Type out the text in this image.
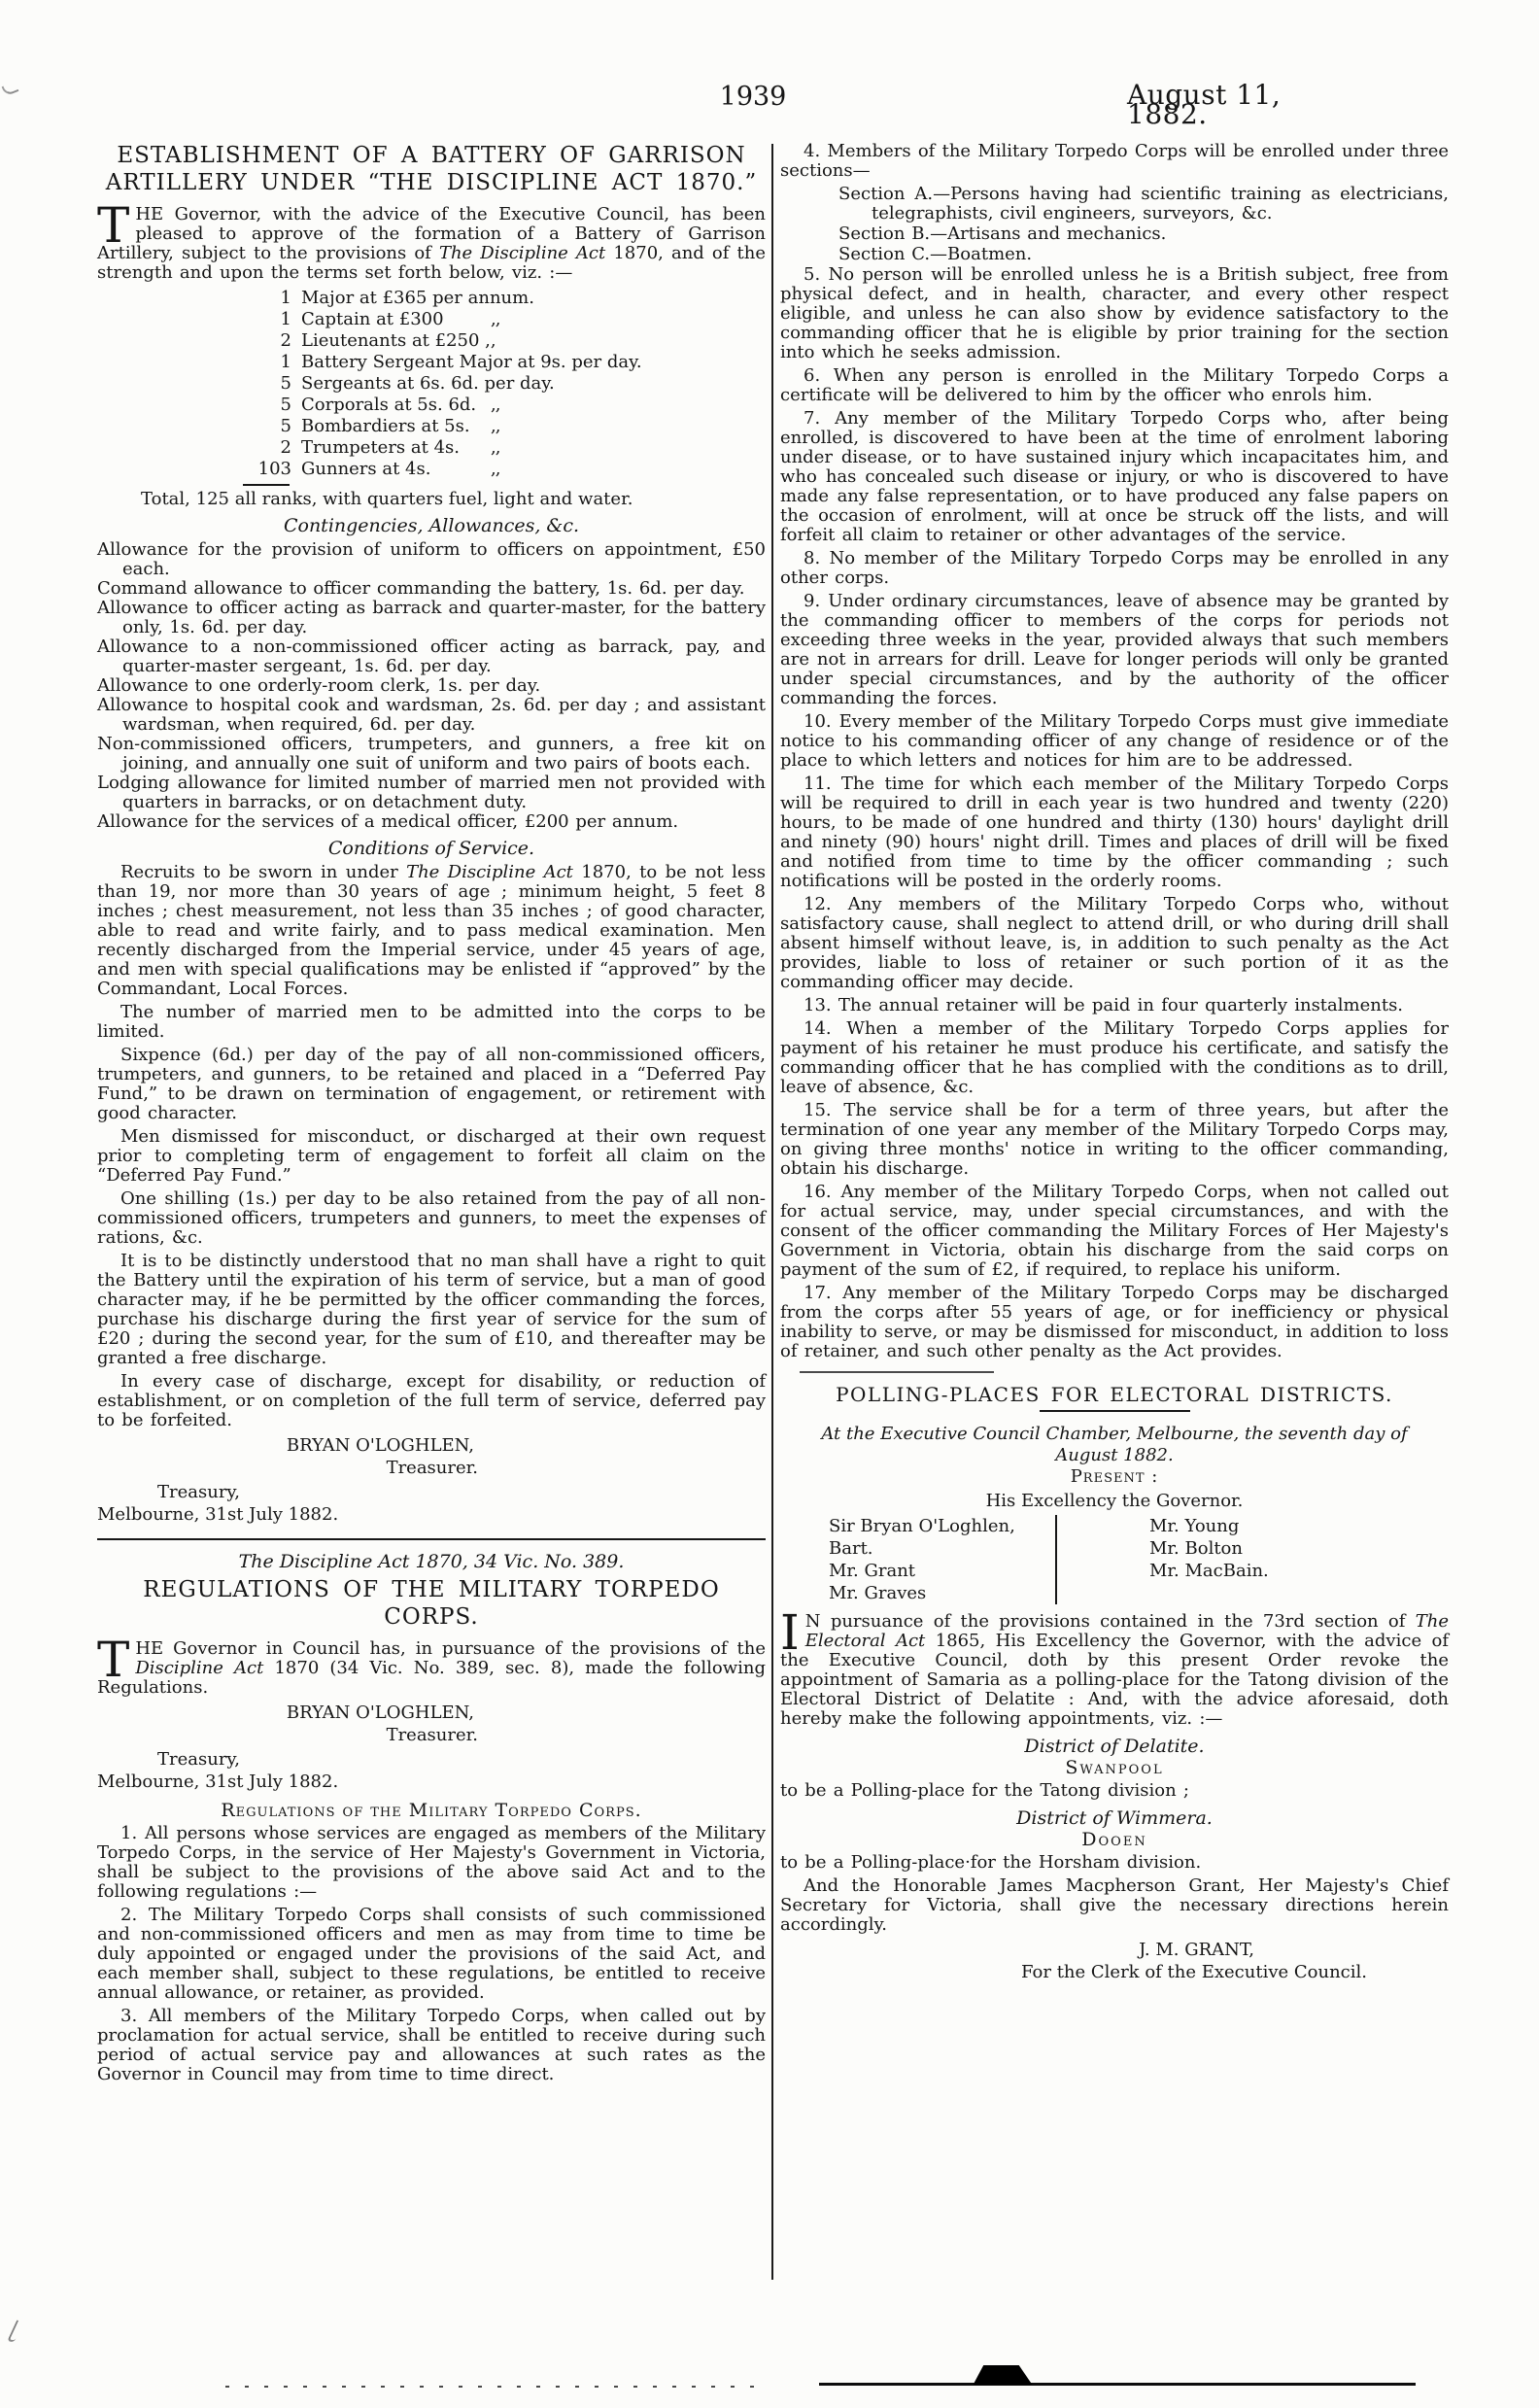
1939	August 11, 1882.
ESTABLISHMENT OF A BATTERY OF GARRISON
ARTILLERY UNDER “THE DISCIPLINE ACT 1870.”

THE Governor, with the advice of the Executive Council, has been pleased to approve of the formation of a Battery of Garrison Artillery, subject to the provisions of The Discipline Act 1870, and of the strength and upon the terms set forth below, viz. :—

1 Major at £365 per annum.
1 Captain at £300	,,
2 Lieutenants at £250 ,,
1 Battery Sergeant Major at 9s. per day.
5 Sergeants at 6s. 6d. per day.
5 Corporals at 5s. 6d. ,,
5 Bombardiers at 5s. ,,
2 Trumpeters at 4s. ,,
103 Gunners at 4s.	,,

Total, 125 all ranks, with quarters fuel, light and water.

Contingencies, Allowances, &c.

Allowance for the provision of uniform to officers on appointment, £50 each.

Command allowance to officer commanding the battery, 1s. 6d. per day.

Allowance to officer acting as barrack and quarter-master, for the battery only, 1s. 6d. per day.

Allowance to a non-commissioned officer acting as barrack, pay, and quarter-master sergeant, 1s. 6d. per day.

Allowance to one orderly-room clerk, 1s. per day.

Allowance to hospital cook and wardsman, 2s. 6d. per day ; and assistant wardsman, when required, 6d. per day.

Non-commissioned officers, trumpeters, and gunners, a free kit on joining, and annually one suit of uniform and two pairs of boots each.

Lodging allowance for limited number of married men not provided with quarters in barracks, or on detachment duty.

Allowance for the services of a medical officer, £200 per annum.

Conditions of Service.

Recruits to be sworn in under The Discipline Act 1870, to be not less than 19, nor more than 30 years of age ; minimum height, 5 feet 8 inches ; chest measurement, not less than 35 inches ; of good character, able to read and write fairly, and to pass medical examination. Men recently discharged from the Imperial service, under 45 years of age, and men with special qualifications may be enlisted if “approved” by the Commandant, Local Forces.

The number of married men to be admitted into the corps to be limited.

Sixpence (6d.) per day of the pay of all non-commissioned officers, trumpeters, and gunners, to be retained and placed in a “Deferred Pay Fund,” to be drawn on termination of engagement, or retirement with good character.

Men dismissed for misconduct, or discharged at their own request prior to completing term of engagement to forfeit all claim on the “Deferred Pay Fund.”

One shilling (1s.) per day to be also retained from the pay of all non-commissioned officers, trumpeters and gunners, to meet the expenses of rations, &c.

It is to be distinctly understood that no man shall have a right to quit the Battery until the expiration of his term of service, but a man of good character may, if he be permitted by the officer commanding the forces, purchase his discharge during the first year of service for the sum of £20 ; during the second year, for the sum of £10, and thereafter may be granted a free discharge.

In every case of discharge, except for disability, or reduction of establishment, or on completion of the full term of service, deferred pay to be forfeited.

BRYAN O'LOGHLEN,
Treasurer.
Treasury,
Melbourne, 31st July 1882.
The Discipline Act 1870, 34 Vic. No. 389.
REGULATIONS OF THE MILITARY TORPEDO
CORPS.

THE Governor in Council has, in pursuance of the provisions of the Discipline Act 1870 (34 Vic. No. 389, sec. 8), made the following Regulations.

BRYAN O'LOGHLEN,
Treasurer.
Treasury,
Melbourne, 31st July 1882.
Regulations of the Military Torpedo Corps.

1. All persons whose services are engaged as members of the Military Torpedo Corps, in the service of Her Majesty's Government in Victoria, shall be subject to the provisions of the above said Act and to the following regulations :—

2. The Military Torpedo Corps shall consists of such commissioned and non-commissioned officers and men as may from time to time be duly appointed or engaged under the provisions of the said Act, and each member shall, subject to these regulations, be entitled to receive annual allowance, or retainer, as provided.

3. All members of the Military Torpedo Corps, when called out by proclamation for actual service, shall be entitled to receive during such period of actual service pay and allowances at such rates as the Governor in Council may from time to time direct.

4. Members of the Military Torpedo Corps will be enrolled under three sections—

Section A.—Persons having had scientific training as electricians, telegraphists, civil engineers, surveyors, &c.

Section B.—Artisans and mechanics.

Section C.—Boatmen.

5. No person will be enrolled unless he is a British subject, free from physical defect, and in health, character, and every other respect eligible, and unless he can also show by evidence satisfactory to the commanding officer that he is eligible by prior training for the section into which he seeks admission.

6. When any person is enrolled in the Military Torpedo Corps a certificate will be delivered to him by the officer who enrols him.

7. Any member of the Military Torpedo Corps who, after being enrolled, is discovered to have been at the time of enrolment laboring under disease, or to have sustained injury which incapacitates him, and who has concealed such disease or injury, or who is discovered to have made any false representation, or to have produced any false papers on the occasion of enrolment, will at once be struck off the lists, and will forfeit all claim to retainer or other advantages of the service.

8. No member of the Military Torpedo Corps may be enrolled in any other corps.

9. Under ordinary circumstances, leave of absence may be granted by the commanding officer to members of the corps for periods not exceeding three weeks in the year, provided always that such members are not in arrears for drill. Leave for longer periods will only be granted under special circumstances, and by the authority of the officer commanding the forces.

10. Every member of the Military Torpedo Corps must give immediate notice to his commanding officer of any change of residence or of the place to which letters and notices for him are to be addressed.

11. The time for which each member of the Military Torpedo Corps will be required to drill in each year is two hundred and twenty (220) hours, to be made of one hundred and thirty (130) hours' daylight drill and ninety (90) hours' night drill. Times and places of drill will be fixed and notified from time to time by the officer commanding ; such notifications will be posted in the orderly rooms.

12. Any members of the Military Torpedo Corps who, without satisfactory cause, shall neglect to attend drill, or who during drill shall absent himself without leave, is, in addition to such penalty as the Act provides, liable to loss of retainer or such portion of it as the commanding officer may decide.

13. The annual retainer will be paid in four quarterly instalments.

14. When a member of the Military Torpedo Corps applies for payment of his retainer he must produce his certificate, and satisfy the commanding officer that he has complied with the conditions as to drill, leave of absence, &c.

15. The service shall be for a term of three years, but after the termination of one year any member of the Military Torpedo Corps may, on giving three months' notice in writing to the officer commanding, obtain his discharge.

16. Any member of the Military Torpedo Corps, when not called out for actual service, may, under special circumstances, and with the consent of the officer commanding the Military Forces of Her Majesty's Government in Victoria, obtain his discharge from the said corps on payment of the sum of £2, if required, to replace his uniform.

17. Any member of the Military Torpedo Corps may be discharged from the corps after 55 years of age, or for inefficiency or physical inability to serve, or may be dismissed for misconduct, in addition to loss of retainer, and such other penalty as the Act provides.

POLLING-PLACES FOR ELECTORAL DISTRICTS.

At the Executive Council Chamber, Melbourne, the seventh day of

August 1882.

Present :

His Excellency the Governor.

Sir Bryan O'Loghlen, Bart.
Mr. Grant
Mr. Graves
Mr. Young
Mr. Bolton
Mr. MacBain.

I N pursuance of the provisions contained in the 73rd section of The Electoral Act 1865, His Excellency the Governor, with the advice of the Executive Council, doth by this present Order revoke the appointment of Samaria as a polling-place for the Tatong division of the Electoral District of Delatite : And, with the advice aforesaid, doth hereby make the following appointments, viz. :—

District of Delatite.

Swanpool

to be a Polling-place for the Tatong division ;

District of Wimmera.

Dooen

to be a Polling-place·for the Horsham division.

And the Honorable James Macpherson Grant, Her Majesty's Chief Secretary for Victoria, shall give the necessary directions herein accordingly.

J. M. GRANT,
For the Clerk of the Executive Council.
